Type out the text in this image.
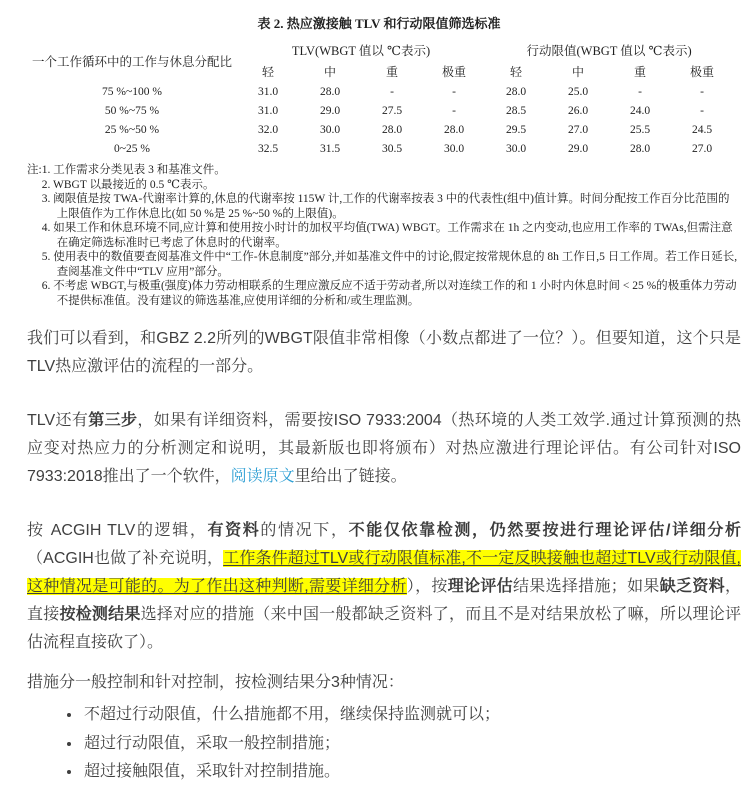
表 2. 热应激接触 TLV 和行动限值筛选标准
一个工作循环中的工作与休息分配比	TLV(WBGT 值以 ℃表示)				行动限值(WBGT 值以 ℃表示)			
	轻	中	重	极重	轻	中	重	极重
75 %~100 %	31.0	28.0	-	-	28.0	25.0	-	-
50 %~75 %	31.0	29.0	27.5	-	28.5	26.0	24.0	-
25 %~50 %	32.0	30.0	28.0	28.0	29.5	27.0	25.5	24.5
0~25 %	32.5	31.5	30.5	30.0	30.0	29.0	28.0	27.0
注: 1. 工作需求分类见表 3 和基准文件。
2. WBGT 以最接近的 0.5 ℃表示。
3. 阈限值是按 TWA-代谢率计算的,休息的代谢率按 115W 计,工作的代谢率按表 3 中的代表性(组中)值计算。时间分配按工作百分比范围的上限值作为工作休息比(如 50 %是 25 %~50 %的上限值)。
4. 如果工作和休息环境不同,应计算和使用按小时计的加权平均值(TWA) WBGT。工作需求在 1h 之内变动,也应用工作率的 TWAs,但需注意在确定筛选标准时已考虑了休息时的代谢率。
5. 使用表中的数值要查阅基准文件中“工作-休息制度”部分,并如基准文件中的讨论,假定按常规休息的 8h 工作日,5 日工作周。若工作日延长,查阅基准文件中“TLV 应用”部分。
6. 不考虑 WBGT,与极重(强度)体力劳动相联系的生理应激反应不适于劳动者,所以对连续工作的和 1 小时内休息时间 < 25 %的极重体力劳动不提供标准值。没有建议的筛选基准,应使用详细的分析和/或生理监测。

我们可以看到，和GBZ 2.2所列的WBGT限值非常相像（小数点都进了一位？）。但要知道，这个只是TLV热应激评估的流程的一部分。

TLV还有第三步，如果有详细资料，需要按ISO 7933:2004（热环境的人类工效学.通过计算预测的热应变对热应力的分析测定和说明，其最新版也即将颁布）对热应激进行理论评估。有公司针对ISO 7933:2018推出了一个软件，阅读原文里给出了链接。

按 ACGIH TLV的逻辑，有资料的情况下，不能仅依靠检测，仍然要按进行理论评估/详细分析（ACGIH也做了补充说明，工作条件超过TLV或行动限值标准,不一定反映接触也超过TLV或行动限值,这种情况是可能的。为了作出这种判断,需要详细分析），按理论评估结果选择措施；如果缺乏资料，直接按检测结果选择对应的措施（来中国一般都缺乏资料了，而且不是对结果放松了嘛，所以理论评估流程直接砍了）。

措施分一般控制和针对控制，按检测结果分3种情况：

• 不超过行动限值，什么措施都不用，继续保持监测就可以；
• 超过行动限值，采取一般控制措施；
• 超过接触限值，采取针对控制措施。
